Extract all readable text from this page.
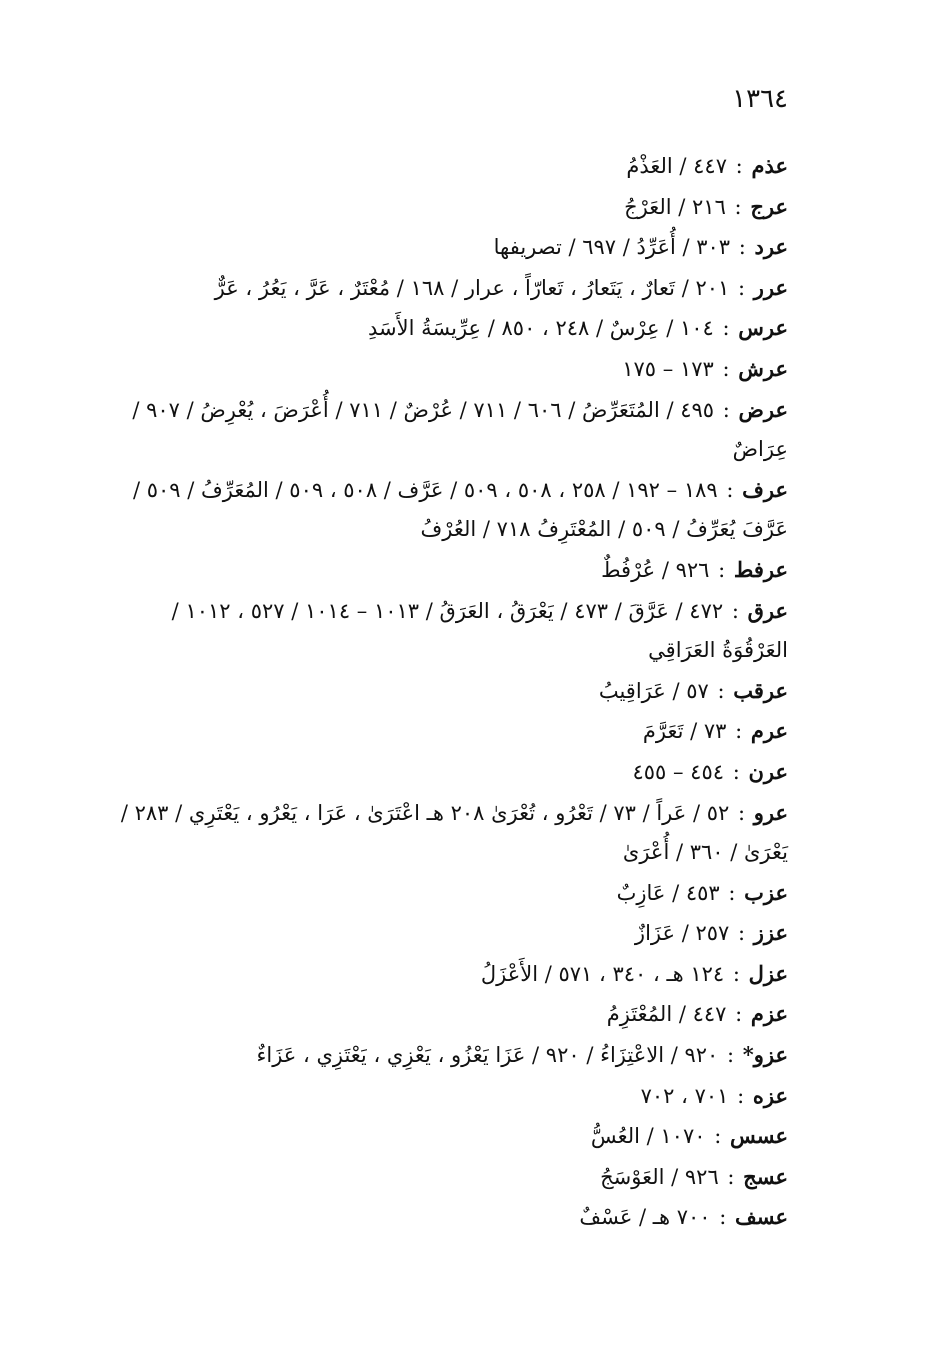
١٣٦٤

عذم : ٤٤٧ / العَذْمُ

عرج : ٢١٦ / العَرْجُ

عرد : ٣٠٣ / أُعَرِّدُ / ٦٩٧ / تصريفها

عرر : ٢٠١ / تَعارٌ ، يَتَعارُ ، تَعارّاً ، عرار / ١٦٨ / مُعْتَرٌ ، عَرَّ ، يَعُرُ ، عَرٌّ

عرس : ١٠٤ / عِرْسٌ / ٢٤٨ ، ٨٥٠ / عِرِّيسَةُ الأَسَدِ

عرش : ١٧٣ – ١٧٥

عرض : ٤٩٥ / المُتَعَرِّضُ / ٦٠٦ / ٧١١ / عُرْضٌ / ٧١١ / أُعْرَضَ ، يُعْرِضُ / ٩٠٧ / عِرَاضٌ

عرف : ١٨٩ – ١٩٢ / ٢٥٨ ، ٥٠٨ ، ٥٠٩ / عَرَّف / ٥٠٨ ، ٥٠٩ / المُعَرِّفُ / ٥٠٩ / عَرَّفَ يُعَرِّفُ / ٥٠٩ / المُعْتَرِفُ ٧١٨ / العُرْفُ

عرفط : ٩٢٦ / عُرْفُطٌ

عرق : ٤٧٢ / عَرَّقَ / ٤٧٣ / يَعْرَقُ ، العَرَقُ / ١٠١٣ – ١٠١٤ / ٥٢٧ ، ١٠١٢ / العَرْقُوَةُ العَرَاقِي

عرقب : ٥٧ / عَرَاقِيبُ

عرم : ٧٣ / تَعَرَّمَ

عرن : ٤٥٤ – ٤٥٥

عرو : ٥٢ / عَراً / ٧٣ / تَعْرُو ، تُعْرَىٰ ٢٠٨ هـ اعْتَرَىٰ ، عَرَا ، يَعْرُو ، يَعْتَرِي / ٢٨٣ / يَعْرَىٰ / ٣٦٠ / أُعْرَىٰ

عزب : ٤٥٣ / عَازِبٌ

عزز : ٢٥٧ / عَزَازٌ

عزل : ١٢٤ هـ ، ٣٤٠ ، ٥٧١ / الأَعْزَلُ

عزم : ٤٤٧ / المُعْتَزِمُ

عزو* : ٩٢٠ / الاعْتِزَاءُ / ٩٢٠ / عَزَا يَعْزُو ، يَعْزِي ، يَعْتَزِي ، عَزَاءٌ

عزه : ٧٠١ ، ٧٠٢

عسس : ١٠٧٠ / العُسُّ

عسج : ٩٢٦ / العَوْسَجُ

عسف : ٧٠٠ هـ / عَسْفٌ
